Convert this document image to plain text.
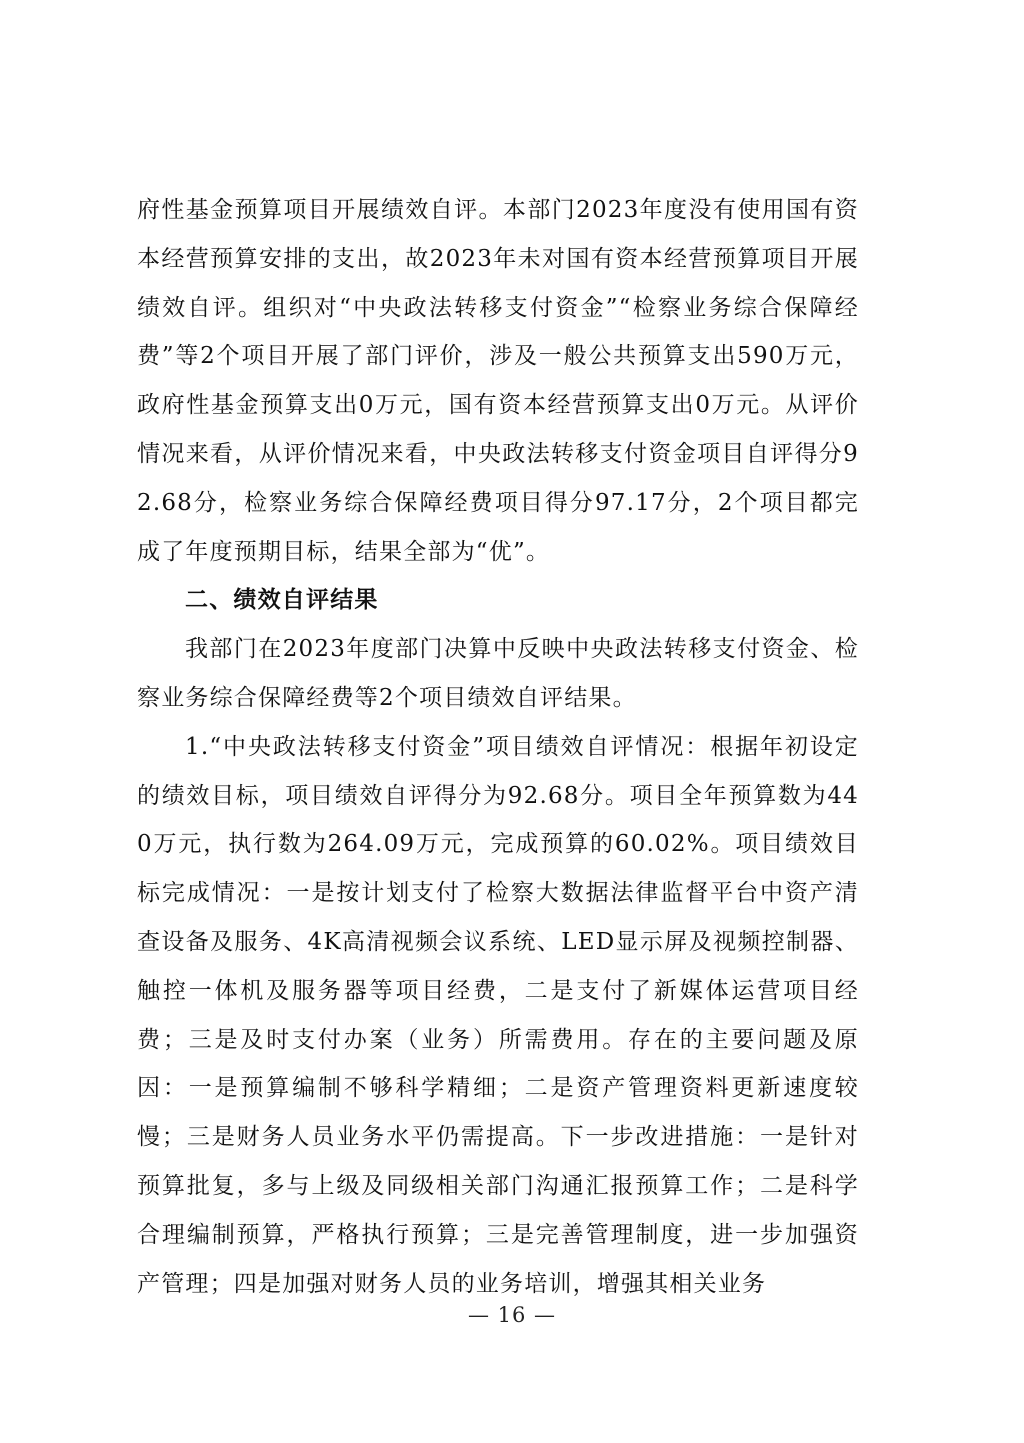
府性基金预算项目开展绩效自评。本部门2023年度没有使用国有资本经营预算安排的支出，故2023年未对国有资本经营预算项目开展绩效自评。组织对“中央政法转移支付资金”“检察业务综合保障经费”等2个项目开展了部门评价，涉及一般公共预算支出590万元，政府性基金预算支出0万元，国有资本经营预算支出0万元。从评价情况来看，从评价情况来看，中央政法转移支付资金项目自评得分92.68分，检察业务综合保障经费项目得分97.17分，2个项目都完成了年度预期目标，结果全部为“优”。

二、绩效自评结果

我部门在2023年度部门决算中反映中央政法转移支付资金、检察业务综合保障经费等2个项目绩效自评结果。

1.“中央政法转移支付资金”项目绩效自评情况：根据年初设定的绩效目标，项目绩效自评得分为92.68分。项目全年预算数为440万元，执行数为264.09万元，完成预算的60.02%。项目绩效目标完成情况：一是按计划支付了检察大数据法律监督平台中资产清查设备及服务、4K高清视频会议系统、LED显示屏及视频控制器、触控一体机及服务器等项目经费，二是支付了新媒体运营项目经费；三是及时支付办案（业务）所需费用。存在的主要问题及原因：一是预算编制不够科学精细；二是资产管理资料更新速度较慢；三是财务人员业务水平仍需提高。下一步改进措施：一是针对预算批复，多与上级及同级相关部门沟通汇报预算工作；二是科学合理编制预算，严格执行预算；三是完善管理制度，进一步加强资产管理；四是加强对财务人员的业务培训，增强其相关业务

— 16 —
